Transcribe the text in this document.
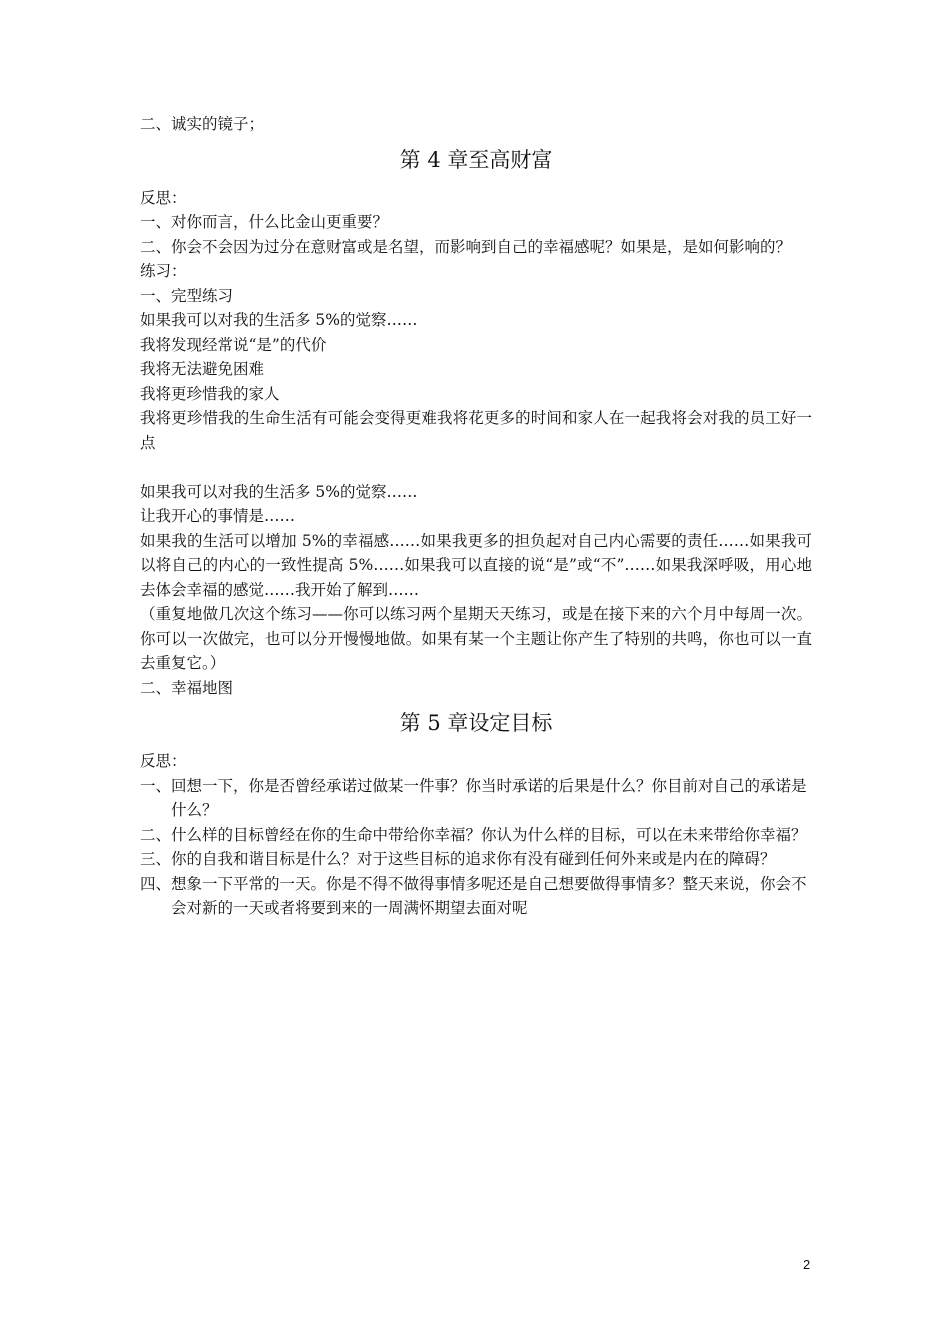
二、诚实的镜子；
第 4 章至高财富
反思：
一、对你而言，什么比金山更重要？
二、你会不会因为过分在意财富或是名望，而影响到自己的幸福感呢？如果是，是如何影响的？
练习：
一、完型练习
如果我可以对我的生活多 5%的觉察……
我将发现经常说“是”的代价
我将无法避免困难
我将更珍惜我的家人
我将更珍惜我的生命生活有可能会变得更难我将花更多的时间和家人在一起我将会对我的员工好一点
如果我可以对我的生活多 5%的觉察……
让我开心的事情是……
如果我的生活可以增加 5%的幸福感……如果我更多的担负起对自己内心需要的责任……如果我可以将自己的内心的一致性提高 5%……如果我可以直接的说“是”或“不”……如果我深呼吸，用心地去体会幸福的感觉……我开始了解到……
（重复地做几次这个练习——你可以练习两个星期天天练习，或是在接下来的六个月中每周一次。你可以一次做完，也可以分开慢慢地做。如果有某一个主题让你产生了特别的共鸣，你也可以一直去重复它。）
二、幸福地图
第 5 章设定目标
反思：
一、回想一下，你是否曾经承诺过做某一件事？你当时承诺的后果是什么？你目前对自己的承诺是什么？
二、什么样的目标曾经在你的生命中带给你幸福？你认为什么样的目标，可以在未来带给你幸福？
三、你的自我和谐目标是什么？对于这些目标的追求你有没有碰到任何外来或是内在的障碍？
四、想象一下平常的一天。你是不得不做得事情多呢还是自己想要做得事情多？整天来说，你会不会对新的一天或者将要到来的一周满怀期望去面对呢
2
